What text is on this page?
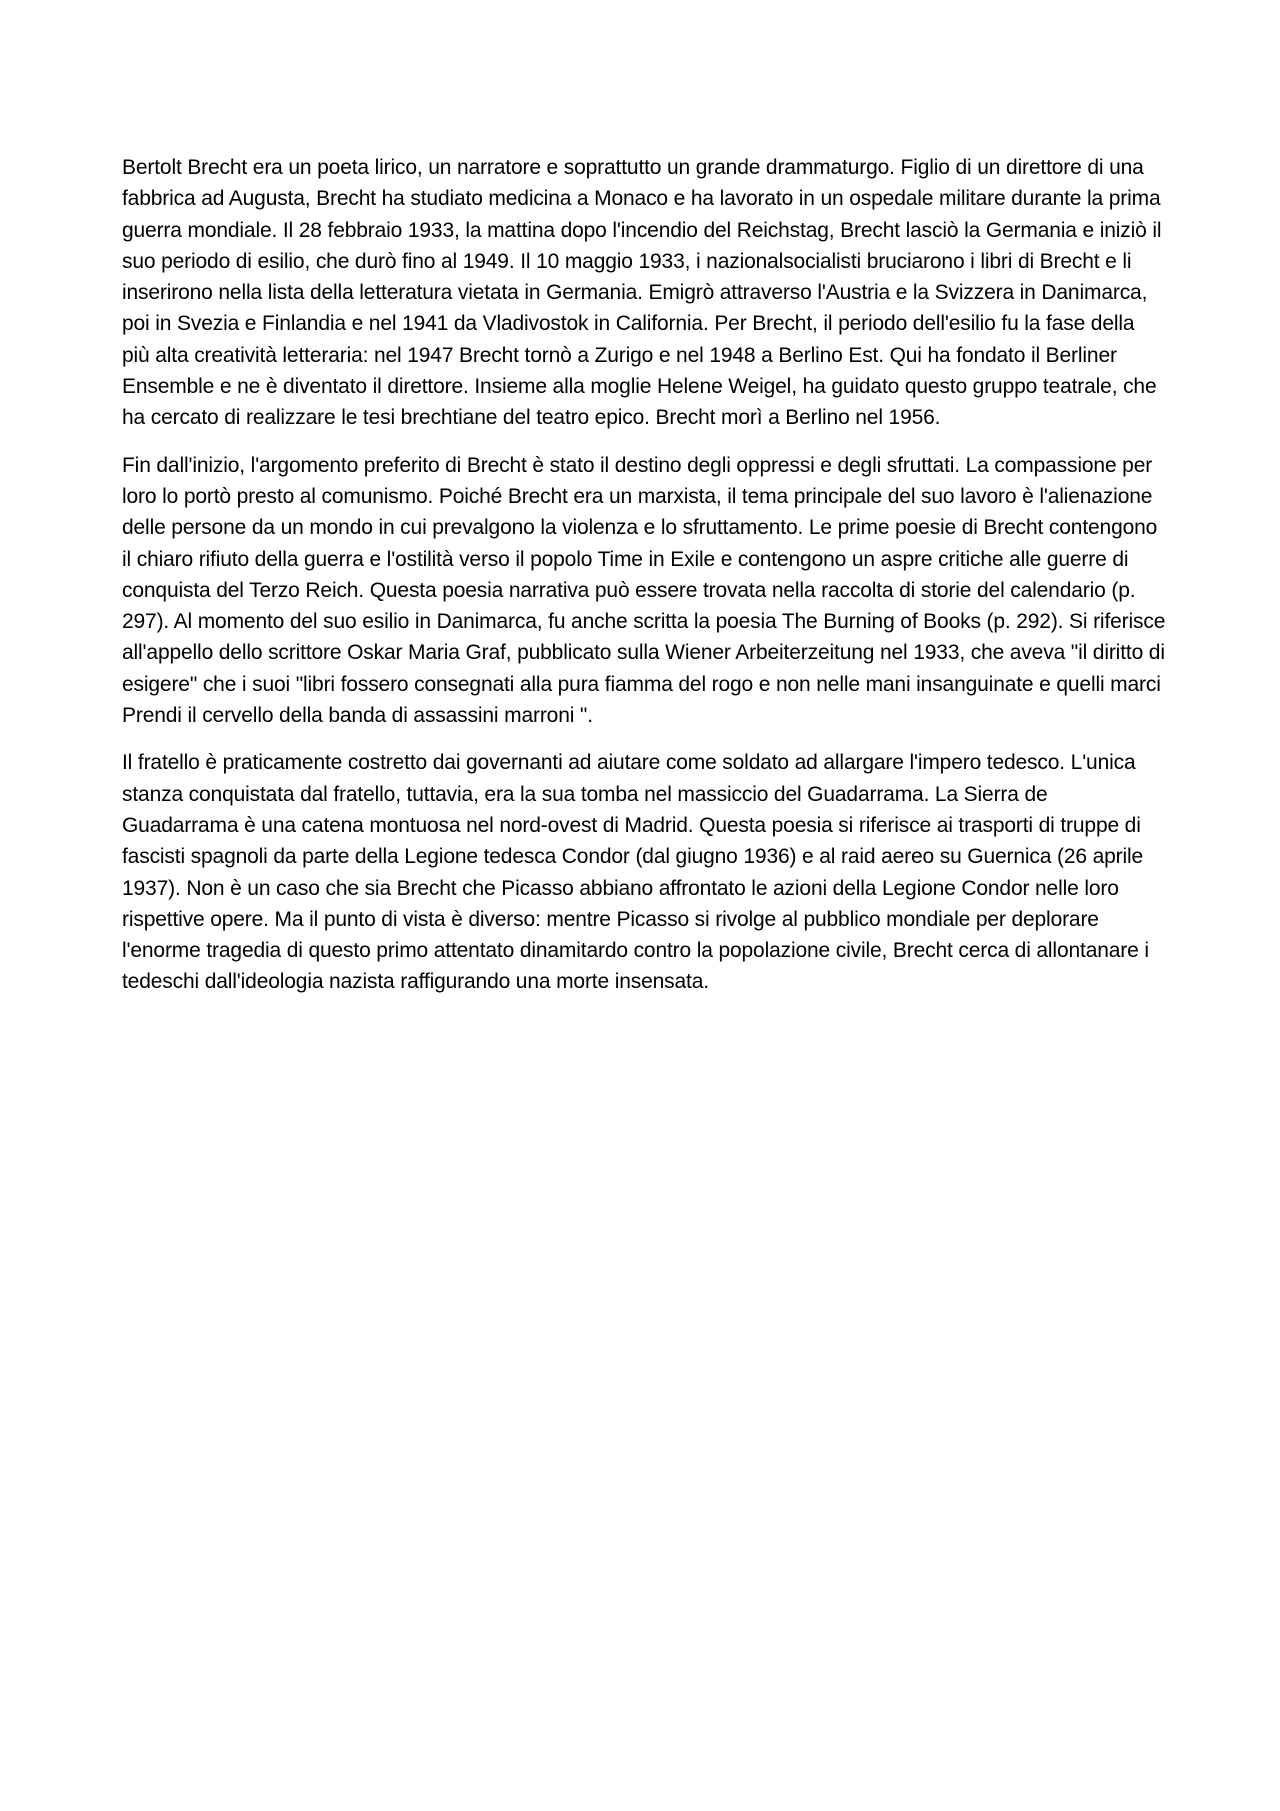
Bertolt Brecht era un poeta lirico, un narratore e soprattutto un grande drammaturgo. Figlio di un direttore di una fabbrica ad Augusta, Brecht ha studiato medicina a Monaco e ha lavorato in un ospedale militare durante la prima guerra mondiale. Il 28 febbraio 1933, la mattina dopo l'incendio del Reichstag, Brecht lasciò la Germania e iniziò il suo periodo di esilio, che durò fino al 1949. Il 10 maggio 1933, i nazionalsocialisti bruciarono i libri di Brecht e li inserirono nella lista della letteratura vietata in Germania. Emigrò attraverso l'Austria e la Svizzera in Danimarca, poi in Svezia e Finlandia e nel 1941 da Vladivostok in California. Per Brecht, il periodo dell'esilio fu la fase della più alta creatività letteraria: nel 1947 Brecht tornò a Zurigo e nel 1948 a Berlino Est. Qui ha fondato il Berliner Ensemble e ne è diventato il direttore. Insieme alla moglie Helene Weigel, ha guidato questo gruppo teatrale, che ha cercato di realizzare le tesi brechtiane del teatro epico. Brecht morì a Berlino nel 1956.

Fin dall'inizio, l'argomento preferito di Brecht è stato il destino degli oppressi e degli sfruttati. La compassione per loro lo portò presto al comunismo. Poiché Brecht era un marxista, il tema principale del suo lavoro è l'alienazione delle persone da un mondo in cui prevalgono la violenza e lo sfruttamento. Le prime poesie di Brecht contengono il chiaro rifiuto della guerra e l'ostilità verso il popolo Time in Exile e contengono un aspre critiche alle guerre di conquista del Terzo Reich. Questa poesia narrativa può essere trovata nella raccolta di storie del calendario (p. 297). Al momento del suo esilio in Danimarca, fu anche scritta la poesia The Burning of Books (p. 292). Si riferisce all'appello dello scrittore Oskar Maria Graf, pubblicato sulla Wiener Arbeiterzeitung nel 1933, che aveva "il diritto di esigere" che i suoi "libri fossero consegnati alla pura fiamma del rogo e non nelle mani insanguinate e quelli marci Prendi il cervello della banda di assassini marroni ".

Il fratello è praticamente costretto dai governanti ad aiutare come soldato ad allargare l'impero tedesco. L'unica stanza conquistata dal fratello, tuttavia, era la sua tomba nel massiccio del Guadarrama. La Sierra de Guadarrama è una catena montuosa nel nord-ovest di Madrid. Questa poesia si riferisce ai trasporti di truppe di fascisti spagnoli da parte della Legione tedesca Condor (dal giugno 1936) e al raid aereo su Guernica (26 aprile 1937). Non è un caso che sia Brecht che Picasso abbiano affrontato le azioni della Legione Condor nelle loro rispettive opere. Ma il punto di vista è diverso: mentre Picasso si rivolge al pubblico mondiale per deplorare l'enorme tragedia di questo primo attentato dinamitardo contro la popolazione civile, Brecht cerca di allontanare i tedeschi dall'ideologia nazista raffigurando una morte insensata.
